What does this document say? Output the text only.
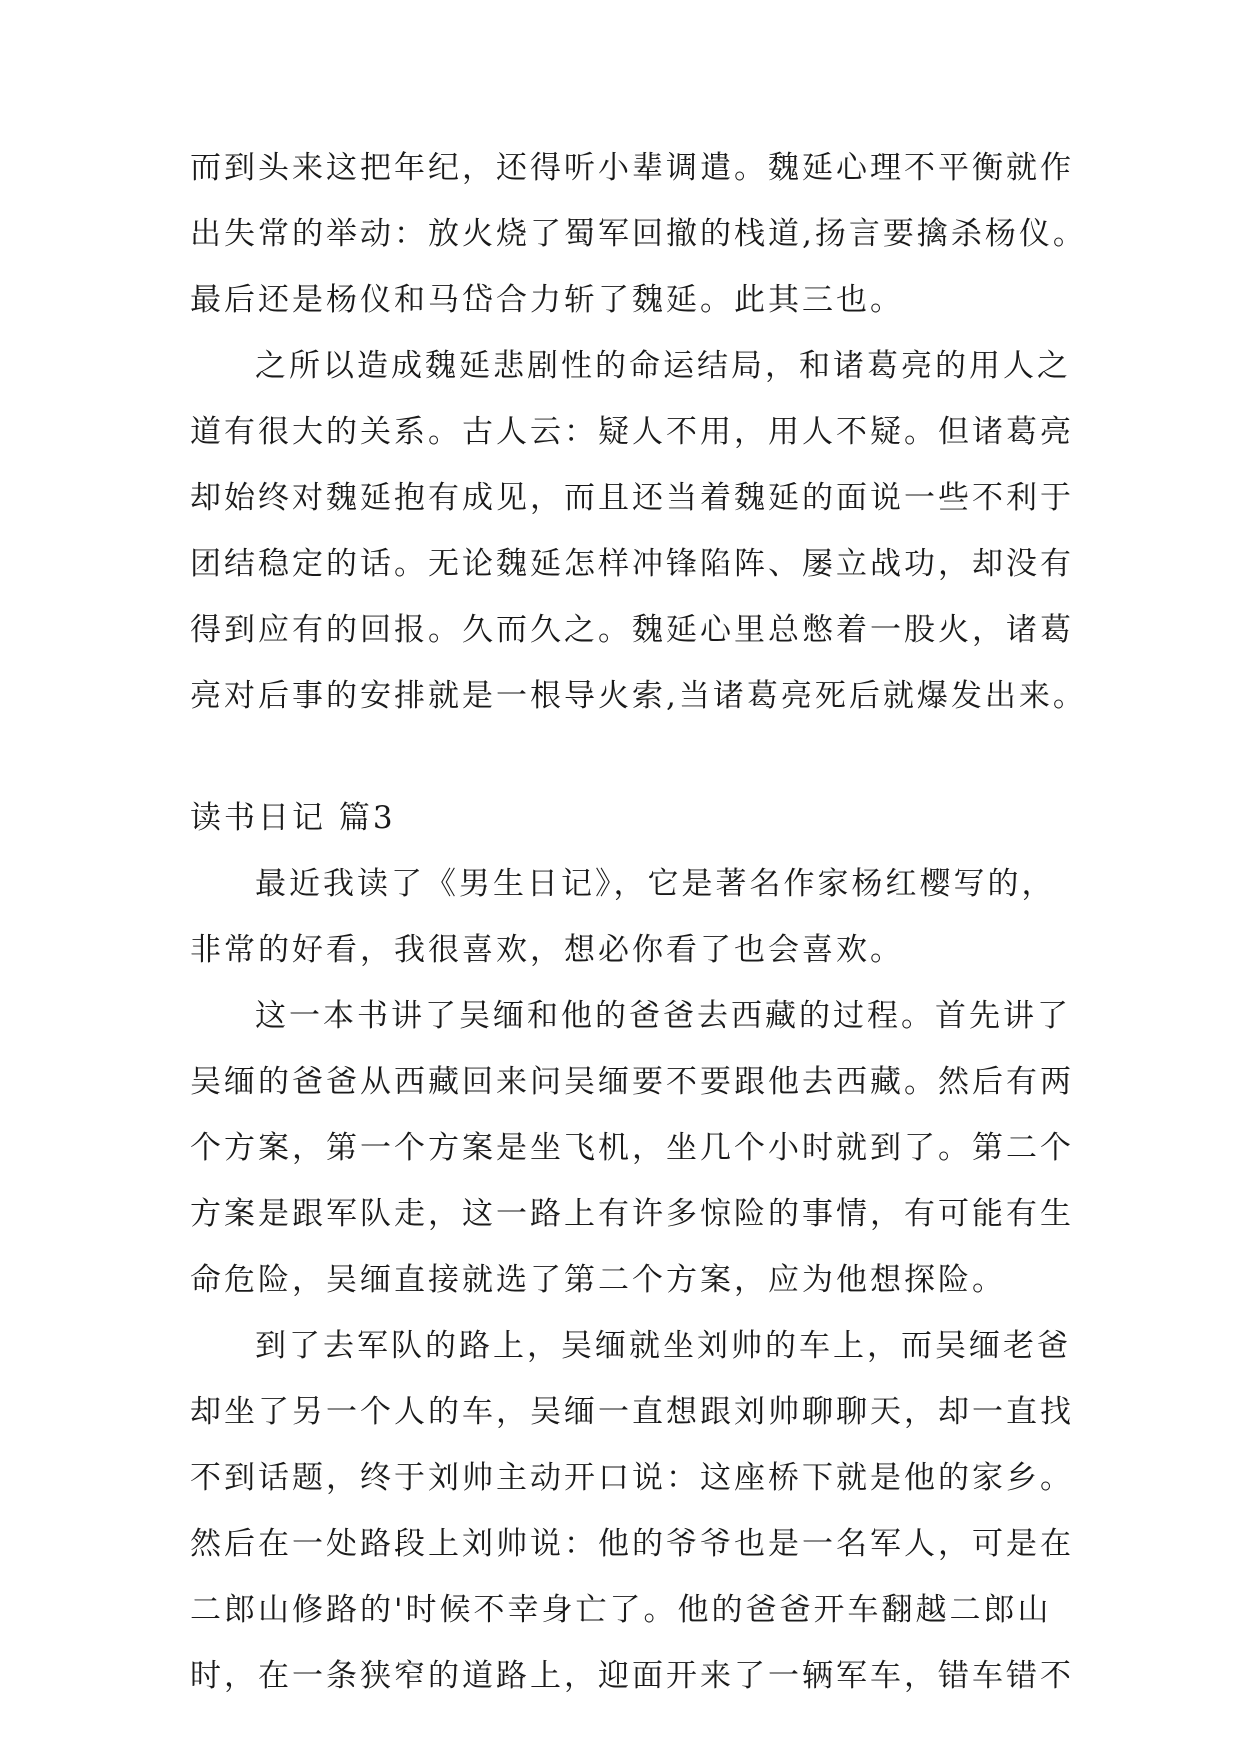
而到头来这把年纪，还得听小辈调遣。魏延心理不平衡就作
出失常的举动：放火烧了蜀军回撤的栈道,扬言要擒杀杨仪。
最后还是杨仪和马岱合力斩了魏延。此其三也。
之所以造成魏延悲剧性的命运结局，和诸葛亮的用人之
道有很大的关系。古人云：疑人不用，用人不疑。但诸葛亮
却始终对魏延抱有成见，而且还当着魏延的面说一些不利于
团结稳定的话。无论魏延怎样冲锋陷阵、屡立战功，却没有
得到应有的回报。久而久之。魏延心里总憋着一股火，诸葛
亮对后事的安排就是一根导火索,当诸葛亮死后就爆发出来。
读书日记 篇3
最近我读了《男生日记》，它是著名作家杨红樱写的，
非常的好看，我很喜欢，想必你看了也会喜欢。
这一本书讲了吴缅和他的爸爸去西藏的过程。首先讲了
吴缅的爸爸从西藏回来问吴缅要不要跟他去西藏。然后有两
个方案，第一个方案是坐飞机，坐几个小时就到了。第二个
方案是跟军队走，这一路上有许多惊险的事情，有可能有生
命危险，吴缅直接就选了第二个方案，应为他想探险。
到了去军队的路上，吴缅就坐刘帅的车上，而吴缅老爸
却坐了另一个人的车，吴缅一直想跟刘帅聊聊天，却一直找
不到话题，终于刘帅主动开口说：这座桥下就是他的家乡。
然后在一处路段上刘帅说：他的爷爷也是一名军人，可是在
二郎山修路的'时候不幸身亡了。他的爸爸开车翻越二郎山
时，在一条狭窄的道路上，迎面开来了一辆军车，错车错不
